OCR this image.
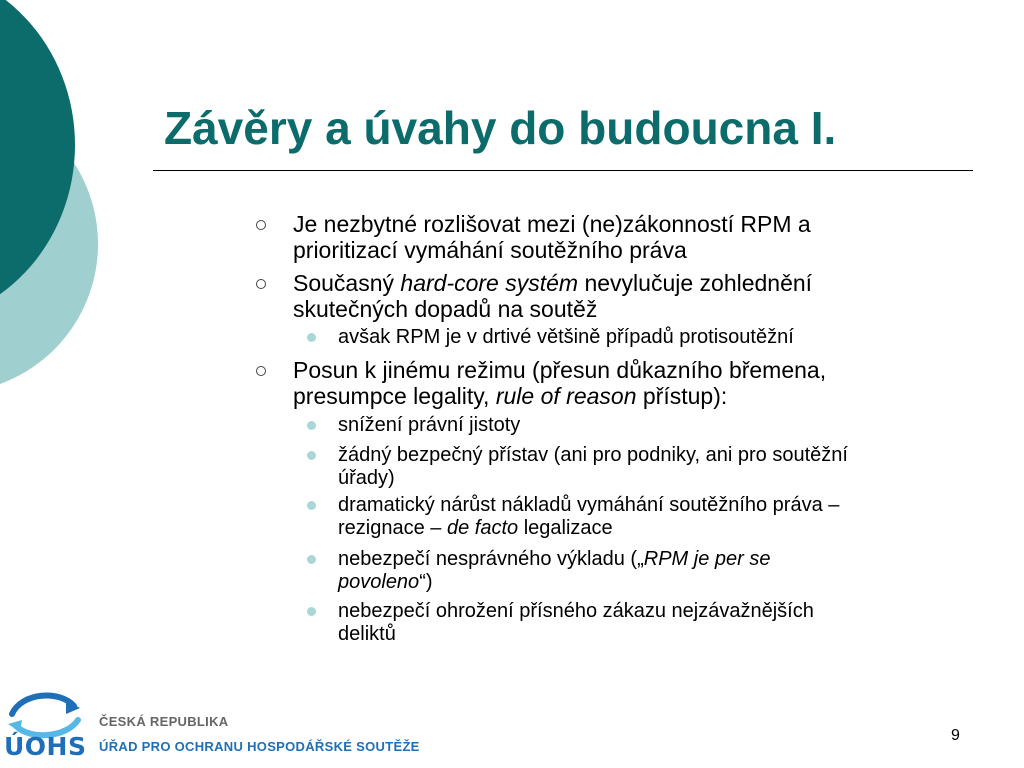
Závěry a úvahy do budoucna I.
Je nezbytné rozlišovat mezi (ne)zákonností RPM a
prioritizací vymáhání soutěžního práva
Současný hard-core systém nevylučuje zohlednění
skutečných dopadů na soutěž
avšak RPM je v drtivé většině případů protisoutěžní
Posun k jinému režimu (přesun důkazního břemena,
presumpce legality, rule of reason přístup):
snížení právní jistoty
žádný bezpečný přístav (ani pro podniky, ani pro soutěžní
úřady)
dramatický nárůst nákladů vymáhání soutěžního práva –
rezignace – de facto legalizace
nebezpečí nesprávného výkladu („RPM je per se
povoleno“)
nebezpečí ohrožení přísného zákazu nejzávažnějších
deliktů
ÚOHS
ČESKÁ REPUBLIKA
ÚŘAD PRO OCHRANU HOSPODÁŘSKÉ SOUTĚŽE
9
